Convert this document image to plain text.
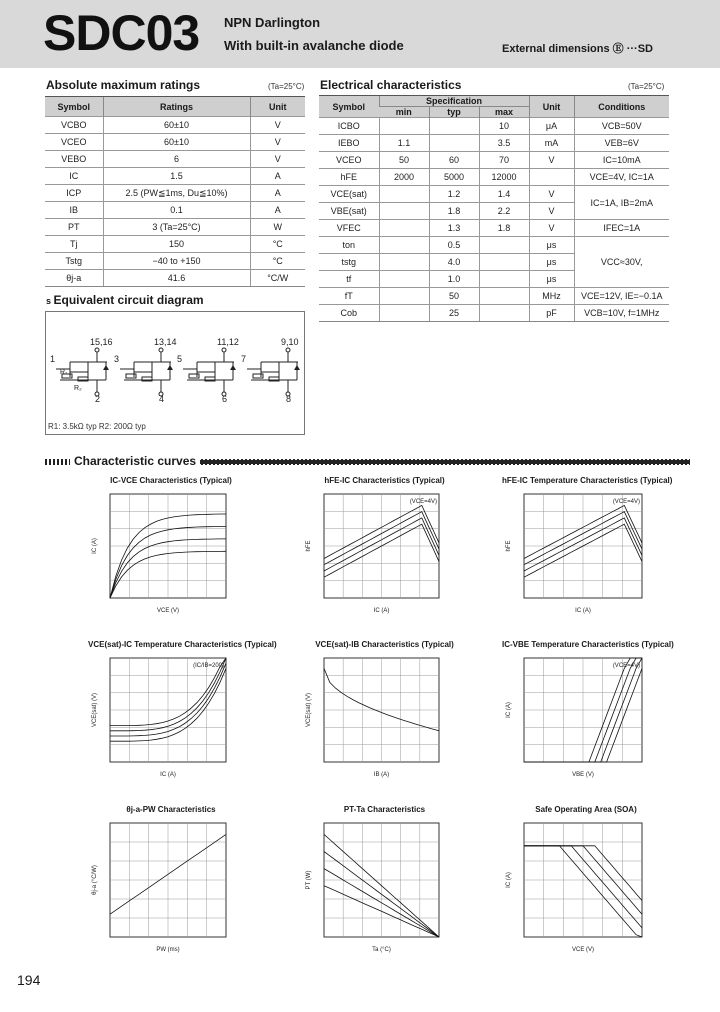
SDC03 NPN Darlington
With built-in avalanche diode	External dimensions Ⓔ ···SD
Absolute maximum ratings	(Ta=25°C)
Symbol	Ratings	Unit
VCBO	60±10	V
VCEO	60±10	V
VEBO	6	V
IC	1.5	A
ICP	2.5 (PW≦1ms, Du≦10%)	A
IB	0.1	A
PT	3 (Ta=25°C)	W
Tj	150	°C
Tstg	−40 to +150	°C
θj-a	41.6	°C/W
Electrical characteristics	(Ta=25°C)
Symbol	Specification			Unit	Conditions
	min	typ	max		
ICBO			10	μA	VCB=50V
IEBO	1.1		3.5	mA	VEB=6V
VCEO	50	60	70	V	IC=10mA
hFE	2000	5000	12000		VCE=4V, IC=1A
VCE(sat)		1.2	1.4	V	IC=1A, IB=2mA
VBE(sat)		1.8	2.2	V	
VFEC		1.3	1.8	V	IFEC=1A
ton		0.5		μs	VCC≈30V,
tstg		4.0		μs	
tf		1.0		μs	
fT		50		MHz	VCE=12V, IE=−0.1A
Cob		25		pF	VCB=10V, f=1MHz
s Equivalent circuit diagram
15,16
1
2
13,14
3
4
11,12
5
6
9,10
7
8
R₁
R₂
R1: 3.5kΩ typ R2: 200Ω typ
Characteristic curves
IC-VCE Characteristics (Typical)
VCE (V)
IC (A)
hFE-IC Characteristics (Typical)
IC (A)
hFE
(VCE=4V)
hFE-IC Temperature Characteristics (Typical)
IC (A)
hFE
(VCE=4V)
VCE(sat)-IC Temperature Characteristics (Typical)
IC (A)
VCE(sat) (V)
(IC/IB=200)
VCE(sat)-IB Characteristics (Typical)
IB (A)
VCE(sat) (V)
IC-VBE Temperature Characteristics (Typical)
VBE (V)
IC (A)
(VCE=4V)
θj-a-PW Characteristics
PW (ms)
θj-a (°C/W)
PT-Ta Characteristics
Ta (°C)
PT (W)
Safe Operating Area (SOA)
VCE (V)
IC (A)
194
